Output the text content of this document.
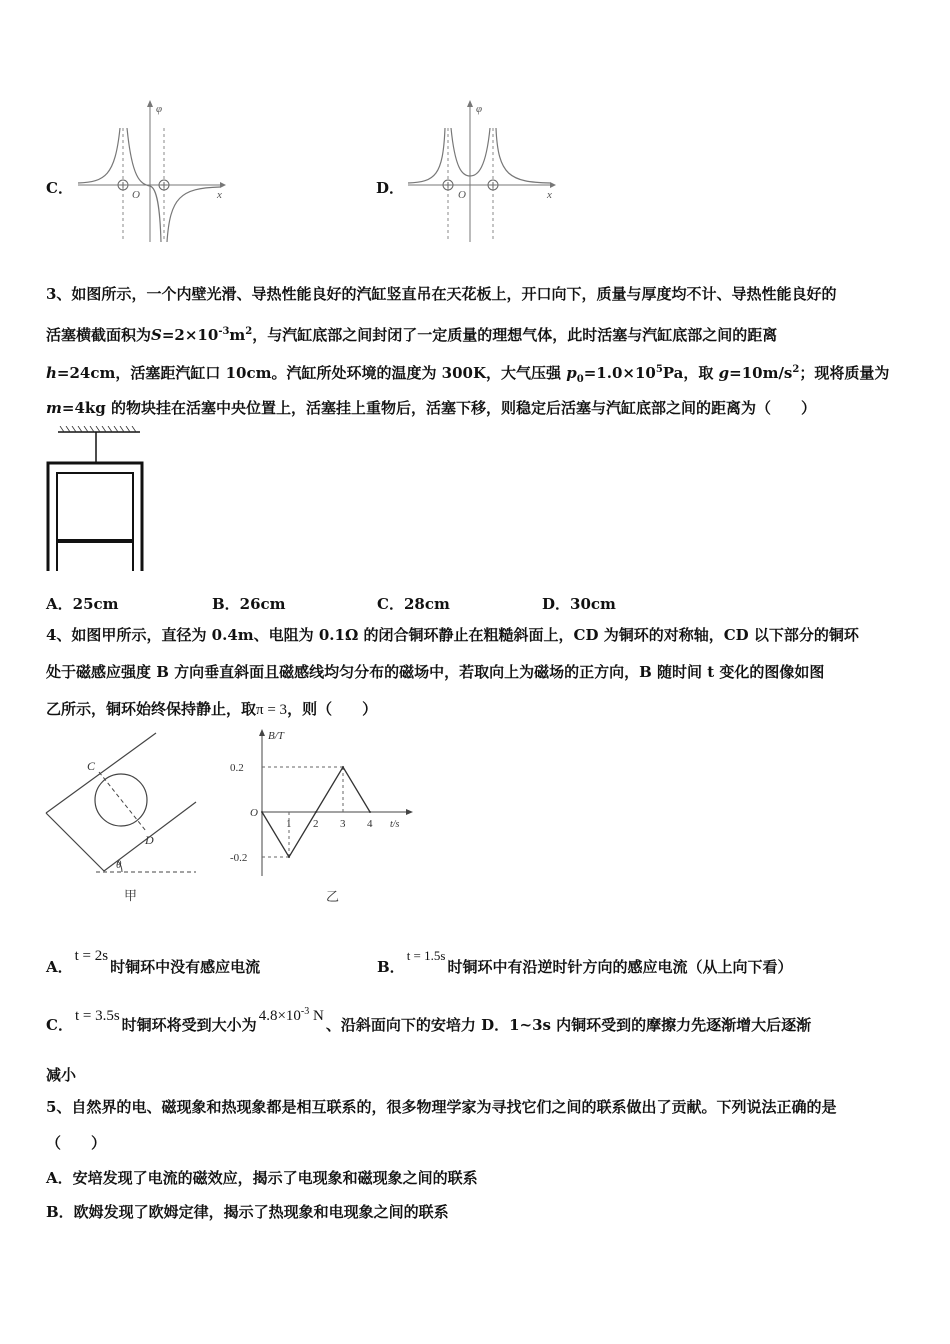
C．
φ
x
O	D．
φ
x
O
3、如图所示，一个内壁光滑、导热性能良好的汽缸竖直吊在天花板上，开口向下，质量与厚度均不计、导热性能良好的
活塞横截面积为$S=2\times 10^{-3}m^2$，与汽缸底部之间封闭了一定质量的理想气体，此时活塞与汽缸底部之间的距离
h=24cm，活塞距汽缸口 10cm。汽缸所处环境的温度为 300K，大气压强 $p_0=1.0\times 10^5Pa$，取 $g=10m/s^2$；现将质量为
m=4kg 的物块挂在活塞中央位置上，活塞挂上重物后，活塞下移，则稳定后活塞与汽缸底部之间的距离为（　　）
A．25cm	B．26cm	C．28cm	D．30cm
4、如图甲所示，直径为 0.4m、电阻为 0.1Ω 的闭合铜环静止在粗糙斜面上，CD 为铜环的对称轴，CD 以下部分的铜环
处于磁感应强度 B 方向垂直斜面且磁感线均匀分布的磁场中，若取向上为磁场的正方向，B 随时间 t 变化的图像如图
乙所示，铜环始终保持静止，取π = 3，则（　　）
C
D
θ
甲
B/T
t/s
1 2 3 4
0.2
O
-0.2
乙
A．t = 2s时铜环中没有感应电流	B．t = 1.5s时铜环中有沿逆时针方向的感应电流（从上向下看）
C． t = 3.5s 时铜环将受到大小为 $4.8\times 10^{-3}$ N 、沿斜面向下的安培力 D．1~3s 内铜环受到的摩擦力先逐渐增大后逐渐
减小
5、自然界的电、磁现象和热现象都是相互联系的，很多物理学家为寻找它们之间的联系做出了贡献。下列说法正确的是
（　　）
A．安培发现了电流的磁效应，揭示了电现象和磁现象之间的联系
B．欧姆发现了欧姆定律，揭示了热现象和电现象之间的联系
